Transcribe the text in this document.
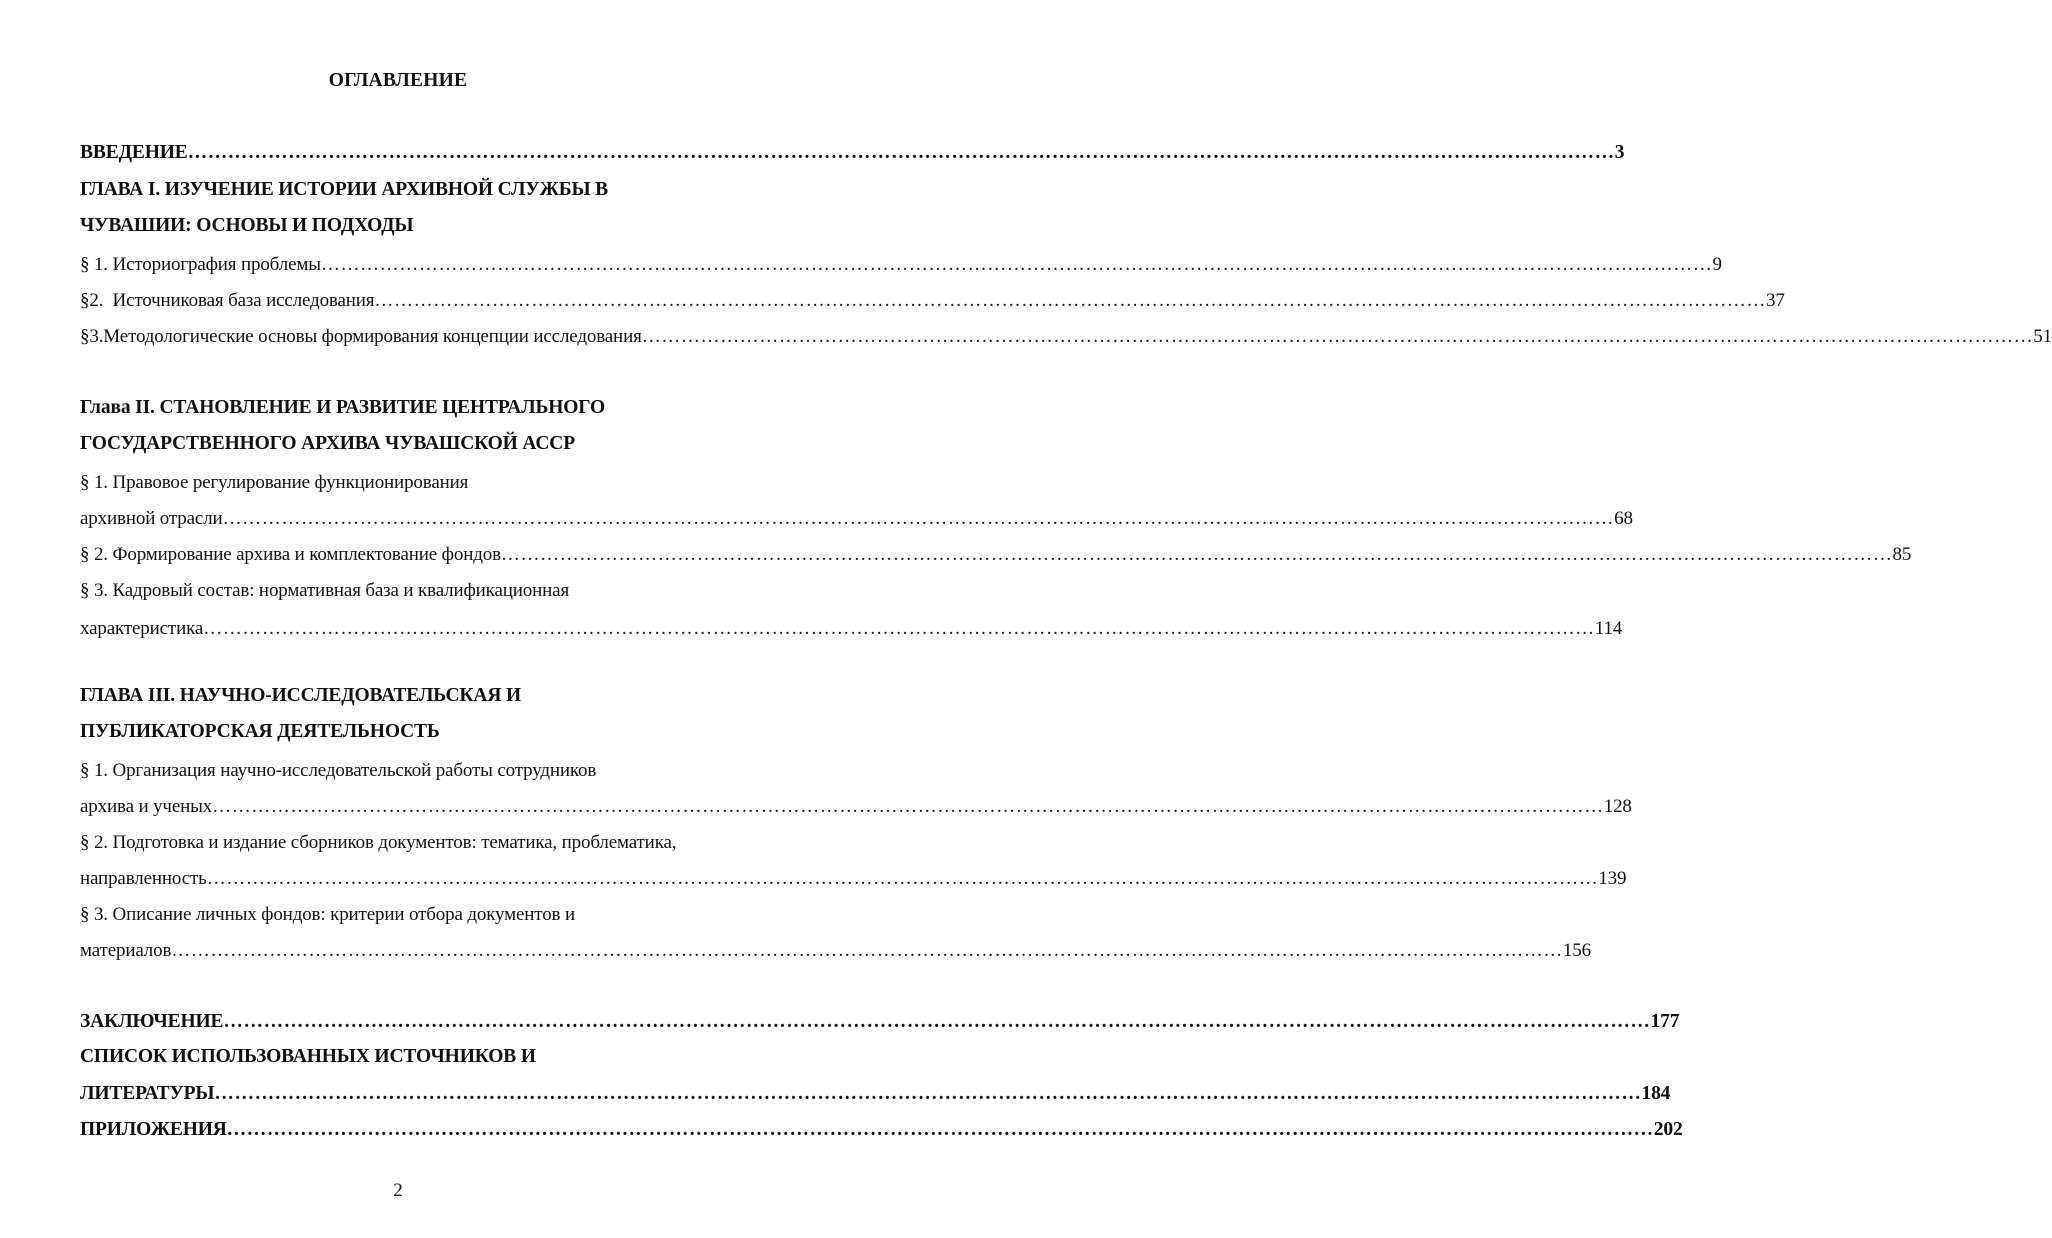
ОГЛАВЛЕНИЕ
ВВЕДЕНИЕ …………………………………………………………………………………………………………………………………………………………………………………………… 3
ГЛАВА I. ИЗУЧЕНИЕ ИСТОРИИ АРХИВНОЙ СЛУЖБЫ В
ЧУВАШИИ: ОСНОВЫ И ПОДХОДЫ
§ 1. Историография проблемы …………………………………………………………………………………………………………………………………………………………………………………………… 9
§2.  Источниковая база исследования …………………………………………………………………………………………………………………………………………………………………………………………… 37
§3.Методологические основы формирования концепции исследования …………………………………………………………………………………………………………………………………………………………………………………………… 51
Глава II. СТАНОВЛЕНИЕ И РАЗВИТИЕ ЦЕНТРАЛЬНОГО
ГОСУДАРСТВЕННОГО АРХИВА ЧУВАШСКОЙ АССР
§ 1. Правовое регулирование функционирования
архивной отрасли …………………………………………………………………………………………………………………………………………………………………………………………… 68
§ 2. Формирование архива и комплектование фондов …………………………………………………………………………………………………………………………………………………………………………………………… 85
§ 3. Кадровый состав: нормативная база и квалификационная
характеристика …………………………………………………………………………………………………………………………………………………………………………………………… 114
ГЛАВА III. НАУЧНО-ИССЛЕДОВАТЕЛЬСКАЯ И
ПУБЛИКАТОРСКАЯ ДЕЯТЕЛЬНОСТЬ
§ 1. Организация научно-исследовательской работы сотрудников
архива и ученых …………………………………………………………………………………………………………………………………………………………………………………………… 128
§ 2. Подготовка и издание сборников документов: тематика, проблематика,
направленность …………………………………………………………………………………………………………………………………………………………………………………………… 139
§ 3. Описание личных фондов: критерии отбора документов и
материалов …………………………………………………………………………………………………………………………………………………………………………………………… 156
ЗАКЛЮЧЕНИЕ …………………………………………………………………………………………………………………………………………………………………………………………… 177
СПИСОК ИСПОЛЬЗОВАННЫХ ИСТОЧНИКОВ И
ЛИТЕРАТУРЫ …………………………………………………………………………………………………………………………………………………………………………………………… 184
ПРИЛОЖЕНИЯ …………………………………………………………………………………………………………………………………………………………………………………………… 202
2
